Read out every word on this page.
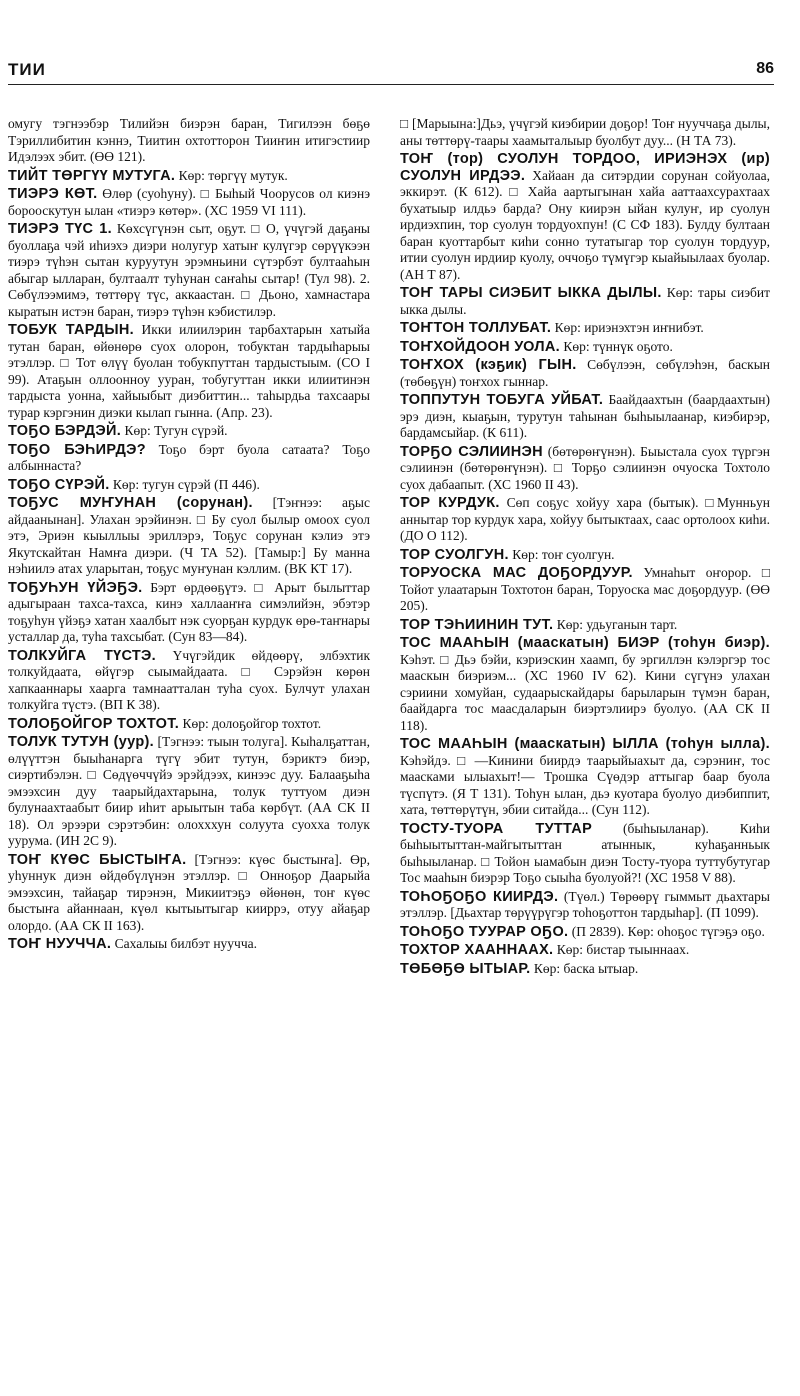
ТИИ	86

омугу тэгнээбэр Тилийэн биэрэн баран, Тигилээн бөҕө Тэриллибитин кэннэ, Тиитин охтотторон Тииҥин итигэстиир Идэлээх эбит. (ӨӨ 121).

ТИЙТ ТӨРГҮҮ МУТУГА. Көр: төргүү мутук.

ТИЭРЭ КӨТ. Өлөр (суоһуну). □ Быһый Чоорусов ол киэнэ борооскутун ылан «тиэрэ көтөр». (ХС 1959 VI 111).

ТИЭРЭ ТҮС 1. Көхсүгүнэн сыт, оҕут. □ О, үчүгэй даҕаны буоллаҕа чэй иһиэхэ диэри нолугур хатыҥ кулүгэр сөрүүкээн тиэрэ түһэн сытан куруутун эрэмньини сүтэрбэт бултааһын абыгар ылларан, бултаалт туһунан саҥаһы сытар! (Тул 98). 2. Сөбүлээмимэ, төттөрү түс, аккаастан. □ Дьоно, хамнастара кыратын истэн баран, тиэрэ түһэн кэбистилэр.

ТОБУК ТАРДЫН. Икки илиилэрин тарбахтарын хатыйа тутан баран, өйөнөрө суох олорон, тобуктан тардыһарыы этэллэр. □ Тот өлүү буолан тобукпуттан тардыстыым. (СО I 99). Атаҕын оллоонноу ууран, тобугуттан икки илиитинэн тардыста уонна, хайыыбыт диэбиттин... таһырдьа тахсаары турар кэргэнин диэки кылап гынна. (Апр. 23).

ТОҔО БЭРДЭЙ. Көр: Тугун сүрэй.

ТОҔО БЭҺИРДЭ? Тоҕо бэрт буола сатаата? Тоҕо албыннаста?

ТОҔО СҮРЭЙ. Көр: тугун сүрэй (П 446).

ТОҔУС МУҤУНАН (сорунан). [Тэҥнээ: аҕыс айдаанынан]. Улахан эрэйинэн. □ Бу суол былыр омоох суол этэ, Эриэн кыыллыы эриллэрэ, Тоҕус сорунан кэлиэ этэ Якутскайтан Намҥа диэри. (Ч ТА 52). [Тамыр:] Бу манна нэһиилэ атах уларытан, тоҕус муҥунан кэллим. (ВК КТ 17).

ТОҔУҺУН ҮЙЭҔЭ. Бэрт өрдөөҕүтэ. □ Арыт былыттар адыгыраан тахса-тахса, кинэ халлааҥҥа симэлийэн, эбэтэр тоҕуһун үйэҕэ хатан хаалбыт нэк суорҕан курдук өрө-таҥнары усталлар да, туһа тахсыбат. (Сун 83—84).

ТОЛКУЙГА ТҮСТЭ. Үчүгэйдик өйдөөрү, элбэхтик толкуйдаата, өйүгэр сыымайдаата. □ Сэрэйэн көрөн хапкааннары хаарга тамнаатталан туһа суох. Булчут улахан толкуйга түстэ. (ВП К 38).

ТОЛОҔОЙГОР ТОХТОТ. Көр: долоҕойгор тохтот.

ТОЛУК ТУТУН (уур). [Тэгнээ: тыын толуга]. Кыһалҕаттан, өлүүттэн быыһанарга түгү эбит тутун, бэриктэ биэр, сиэртибэлэн. □ Сөдүөччүйэ эрэйдээх, кинээс дуу. Балааҕыһа эмээхсин дуу таарыйдахтарына, толук туттуом диэн булунаахтаабыт биир иһит арыытын таба көрбүт. (АА СК II 18). Ол эрээри сэрэтэбин: олохххун солуута суохха толук уурума. (ИН 2С 9).

ТОҤ КҮӨС БЫСТЫҤА. [Тэгнээ: күөс быстыҥа]. Өр, уһуннук диэн өйдөбүлүнэн этэллэр. □ Онноҕор Даарыйа эмээхсин, тайаҕар тирэнэн, Микиитэҕэ өйөнөн, тоҥ күөс быстыҥа айаннаан, күөл кытыытыгар кииррэ, отуу айаҕар олордо. (АА СК II 163).

ТОҤ НУУЧЧА. Сахалыы билбэт нууччa.

□ [Марыына:]Дьэ, үчүгэй киэбирии доҕор! Тоҥ нууччаҕа дылы, аны төттөрү-таары хаамыталыыр буолбут дуу... (Н ТА 73).

ТОҤ (тор) СУОЛУН ТОРДОО, ИРИЭНЭХ (ир) СУОЛУН ИРДЭЭ. Хайаан да ситэрдии сорунан сойуолаа, эккирэт. (К 612). □ Хайа аартыгынан хайа ааттаахсурахтаах бухатыыр илдьэ барда? Ону киирэн ыйан кулуҥ, ир суолун ирдиэхпин, тор суолун тордуохпун! (С СФ 183). Булду бултаан баран куоттарбыт киһи сонно тутатыгар тор суолун тордуур, итии суолун ирдиир куолу, оччоҕо түмүгэр кыайыылаах буолар. (АН Т 87).

ТОҤ ТАРЫ СИЭБИТ ЫККА ДЫЛЫ. Көр: тары сиэбит ыкка дылы.

ТОҤТОН ТОЛЛУБАТ. Көр: ириэнэхтэн иҥнибэт.

ТОҤХОЙДООН УОЛА. Көр: түннүк оҕото.

ТОҤХОХ (кэҕик) ГЫН. Сөбүлээн, сөбүлэһэн, баскын (төбөҕүн) тоҥхох гыннар.

ТОППУТУН ТОБУГА УЙБАТ. Баайдаахтын (баардаахтын) эрэ диэн, кыаҕын, турутун таһынан быһыылаанар, киэбирэр, бардамсыйар. (К 611).

ТОРҔО СЭЛИИНЭН (бөтөрөҥүнэн). Быыстала суох түргэн сэлиинэн (бөтөрөҥүнэн). □ Торҕо сэлиинэн очуоска Тохтоло суох дабаапыт. (ХС 1960 II 43).

ТОР КУРДУК. Сөп соҕус хойуу хара (бытык). □Мунньун аннытар тор курдук хара, хойуу бытыктаах, саас ортолоох киһи. (ДО О 112).

ТОР СУОЛГУН. Көр: тоҥ суолгун.

ТОРУОСКА МАС ДОҔОРДУУР. Умнаһыт оҥорор. □ Тойот улаатарын Тохтотон баран, Торуоска мас доҕордуур. (ӨӨ 205).

ТОР ТЭҺИИНИН ТУТ. Көр: удьуганын тарт.

ТОС МААҺЫН (мааскатын) БИЭР (тоһун биэр). Кэһэт. □ Дьэ бэйи, кэриэскин хаамп, бу эргиллэн кэлэргэр тос мааскын биэриэм... (ХС 1960 IV 62). Кини сүгүнэ улахан сэриини хомуйан, судаарыскайдары барыларын түмэн баран, баайдарга тос маасдаларын биэртэлиирэ буолуо. (АА СК II 118).

ТОС МААҺЫН (мааскатын) ЫЛЛА (тоһун ылла). Кэһэйдэ. □ —Кинини биирдэ таарыйыахыт да, сэрэниҥ, тос маасками ылыахыт!— Трошка Сүөдэр аттыгар баар буола түспүтэ. (Я Т 131). Тоһун ылан, дьэ куотара буолуо диэбиппит, хата, төттөрүтүн, эбии ситайда... (Сун 112).

ТОСТУ-ТУОРА ТУТТАР (быһыыланар). Киһи быһыытыттан-майгытыттан атыннык, куһаҕанньык быһыыланар. □ Тойон ыамабын диэн Тосту-туора туттубутугар Тос мааһын биэрэр Тоҕо сыыһа буолуой?! (ХС 1958 V 88).

ТОҺОҔОҔО КИИРДЭ. (Түөл.) Төрөөрү гыммыт дьахтары этэллэр. [Дьахтар төрүүрүгэр тоһоҕоттон тардыһар]. (П 1099).

ТОҺОҔО ТУУРАР ОҔО. (П 2839). Көр: оһоҕос түгэҕэ оҕо.

ТОХТОР ХААННААХ. Көр: бистар тыыннаах.

ТӨБӨҔӨ ЫТЫАР. Көр: баска ытыар.
